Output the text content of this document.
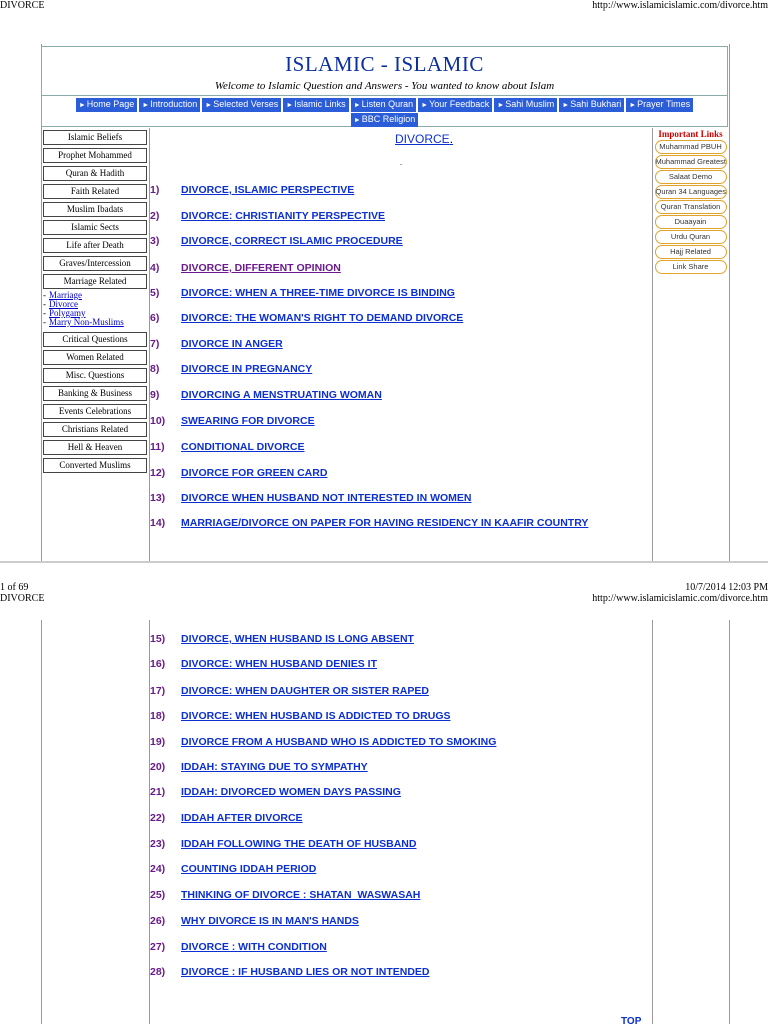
DIVORCE	http://www.islamicislamic.com/divorce.htm
ISLAMIC - ISLAMIC
Welcome to Islamic Question and Answers - You wanted to know about Islam
► Home Page	► Introduction	► Selected Verses	► Islamic Links	► Listen Quran	► Your Feedback	► Sahi Muslim	► Sahi Bukhari	► Prayer Times
► BBC Religion
Islamic Beliefs
Prophet Mohammed
Quran & Hadith
Faith Related
Muslim Ibadats
Islamic Sects
Life after Death
Graves/Intercession
Marriage Related
- Marriage
- Divorce
- Polygamy
- Marry Non-Muslims
Critical Questions
Women Related
Misc. Questions
Banking & Business
Events Celebrations
Christians Related
Hell & Heaven
Converted Muslims
Important Links
Muhammad PBUH
Muhammad Greatest
Salaat Demo
Quran 34 Languages
Quran Translation
Duaayain
Urdu Quran
Hajj Related
Link Share
DIVORCE.
.
1) DIVORCE, ISLAMIC PERSPECTIVE
2) DIVORCE: CHRISTIANITY PERSPECTIVE
3) DIVORCE, CORRECT ISLAMIC PROCEDURE
4) DIVORCE, DIFFERENT OPINION
5) DIVORCE: WHEN A THREE-TIME DIVORCE IS BINDING
6) DIVORCE: THE WOMAN'S RIGHT TO DEMAND DIVORCE
7) DIVORCE IN ANGER
8) DIVORCE IN PREGNANCY
9) DIVORCING A MENSTRUATING WOMAN
10) SWEARING FOR DIVORCE
11) CONDITIONAL DIVORCE
12) DIVORCE FOR GREEN CARD
13) DIVORCE WHEN HUSBAND NOT INTERESTED IN WOMEN
14) MARRIAGE/DIVORCE ON PAPER FOR HAVING RESIDENCY IN KAAFIR COUNTRY
1 of 69	10/7/2014 12:03 PM
DIVORCE	http://www.islamicislamic.com/divorce.htm
15) DIVORCE, WHEN HUSBAND IS LONG ABSENT
16) DIVORCE: WHEN HUSBAND DENIES IT
17) DIVORCE: WHEN DAUGHTER OR SISTER RAPED
18) DIVORCE: WHEN HUSBAND IS ADDICTED TO DRUGS
19) DIVORCE FROM A HUSBAND WHO IS ADDICTED TO SMOKING
20) IDDAH: STAYING DUE TO SYMPATHY
21) IDDAH: DIVORCED WOMEN DAYS PASSING
22) IDDAH AFTER DIVORCE
23) IDDAH FOLLOWING THE DEATH OF HUSBAND
24) COUNTING IDDAH PERIOD
25) THINKING OF DIVORCE : SHATAN  WASWASAH
26) WHY DIVORCE IS IN MAN'S HANDS
27) DIVORCE : WITH CONDITION
28) DIVORCE : IF HUSBAND LIES OR NOT INTENDED
TOP
